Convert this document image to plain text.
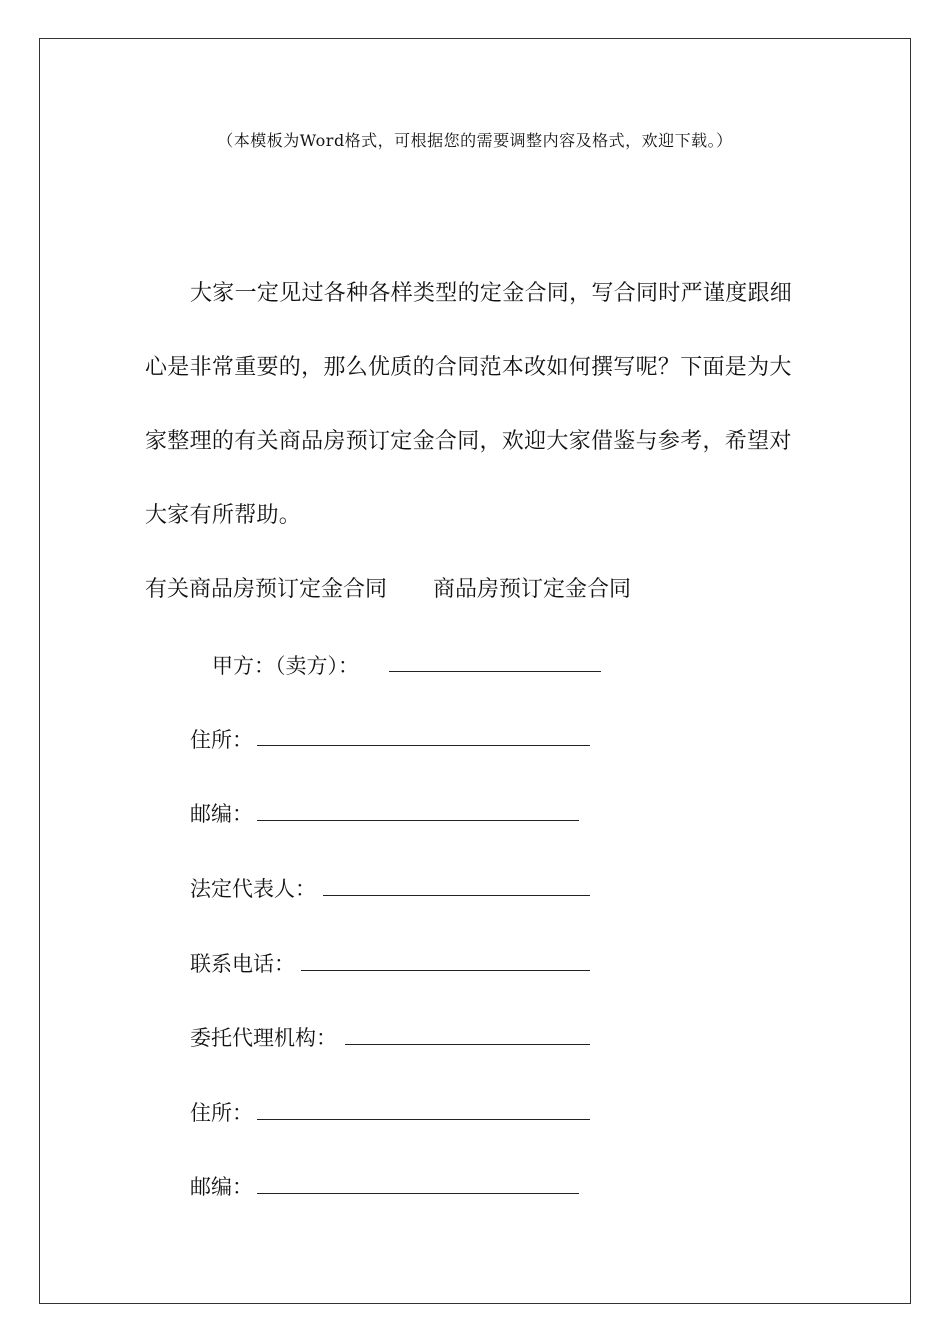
（本模板为Word格式，可根据您的需要调整内容及格式，欢迎下载。）
大家一定见过各种各样类型的定金合同，写合同时严谨度跟细
心是非常重要的，那么优质的合同范本改如何撰写呢？下面是为大
家整理的有关商品房预订定金合同，欢迎大家借鉴与参考，希望对
大家有所帮助。
有关商品房预订定金合同 商品房预订定金合同
甲方：（卖方）：
住所：
邮编：
法定代表人：
联系电话：
委托代理机构：
住所：
邮编：
